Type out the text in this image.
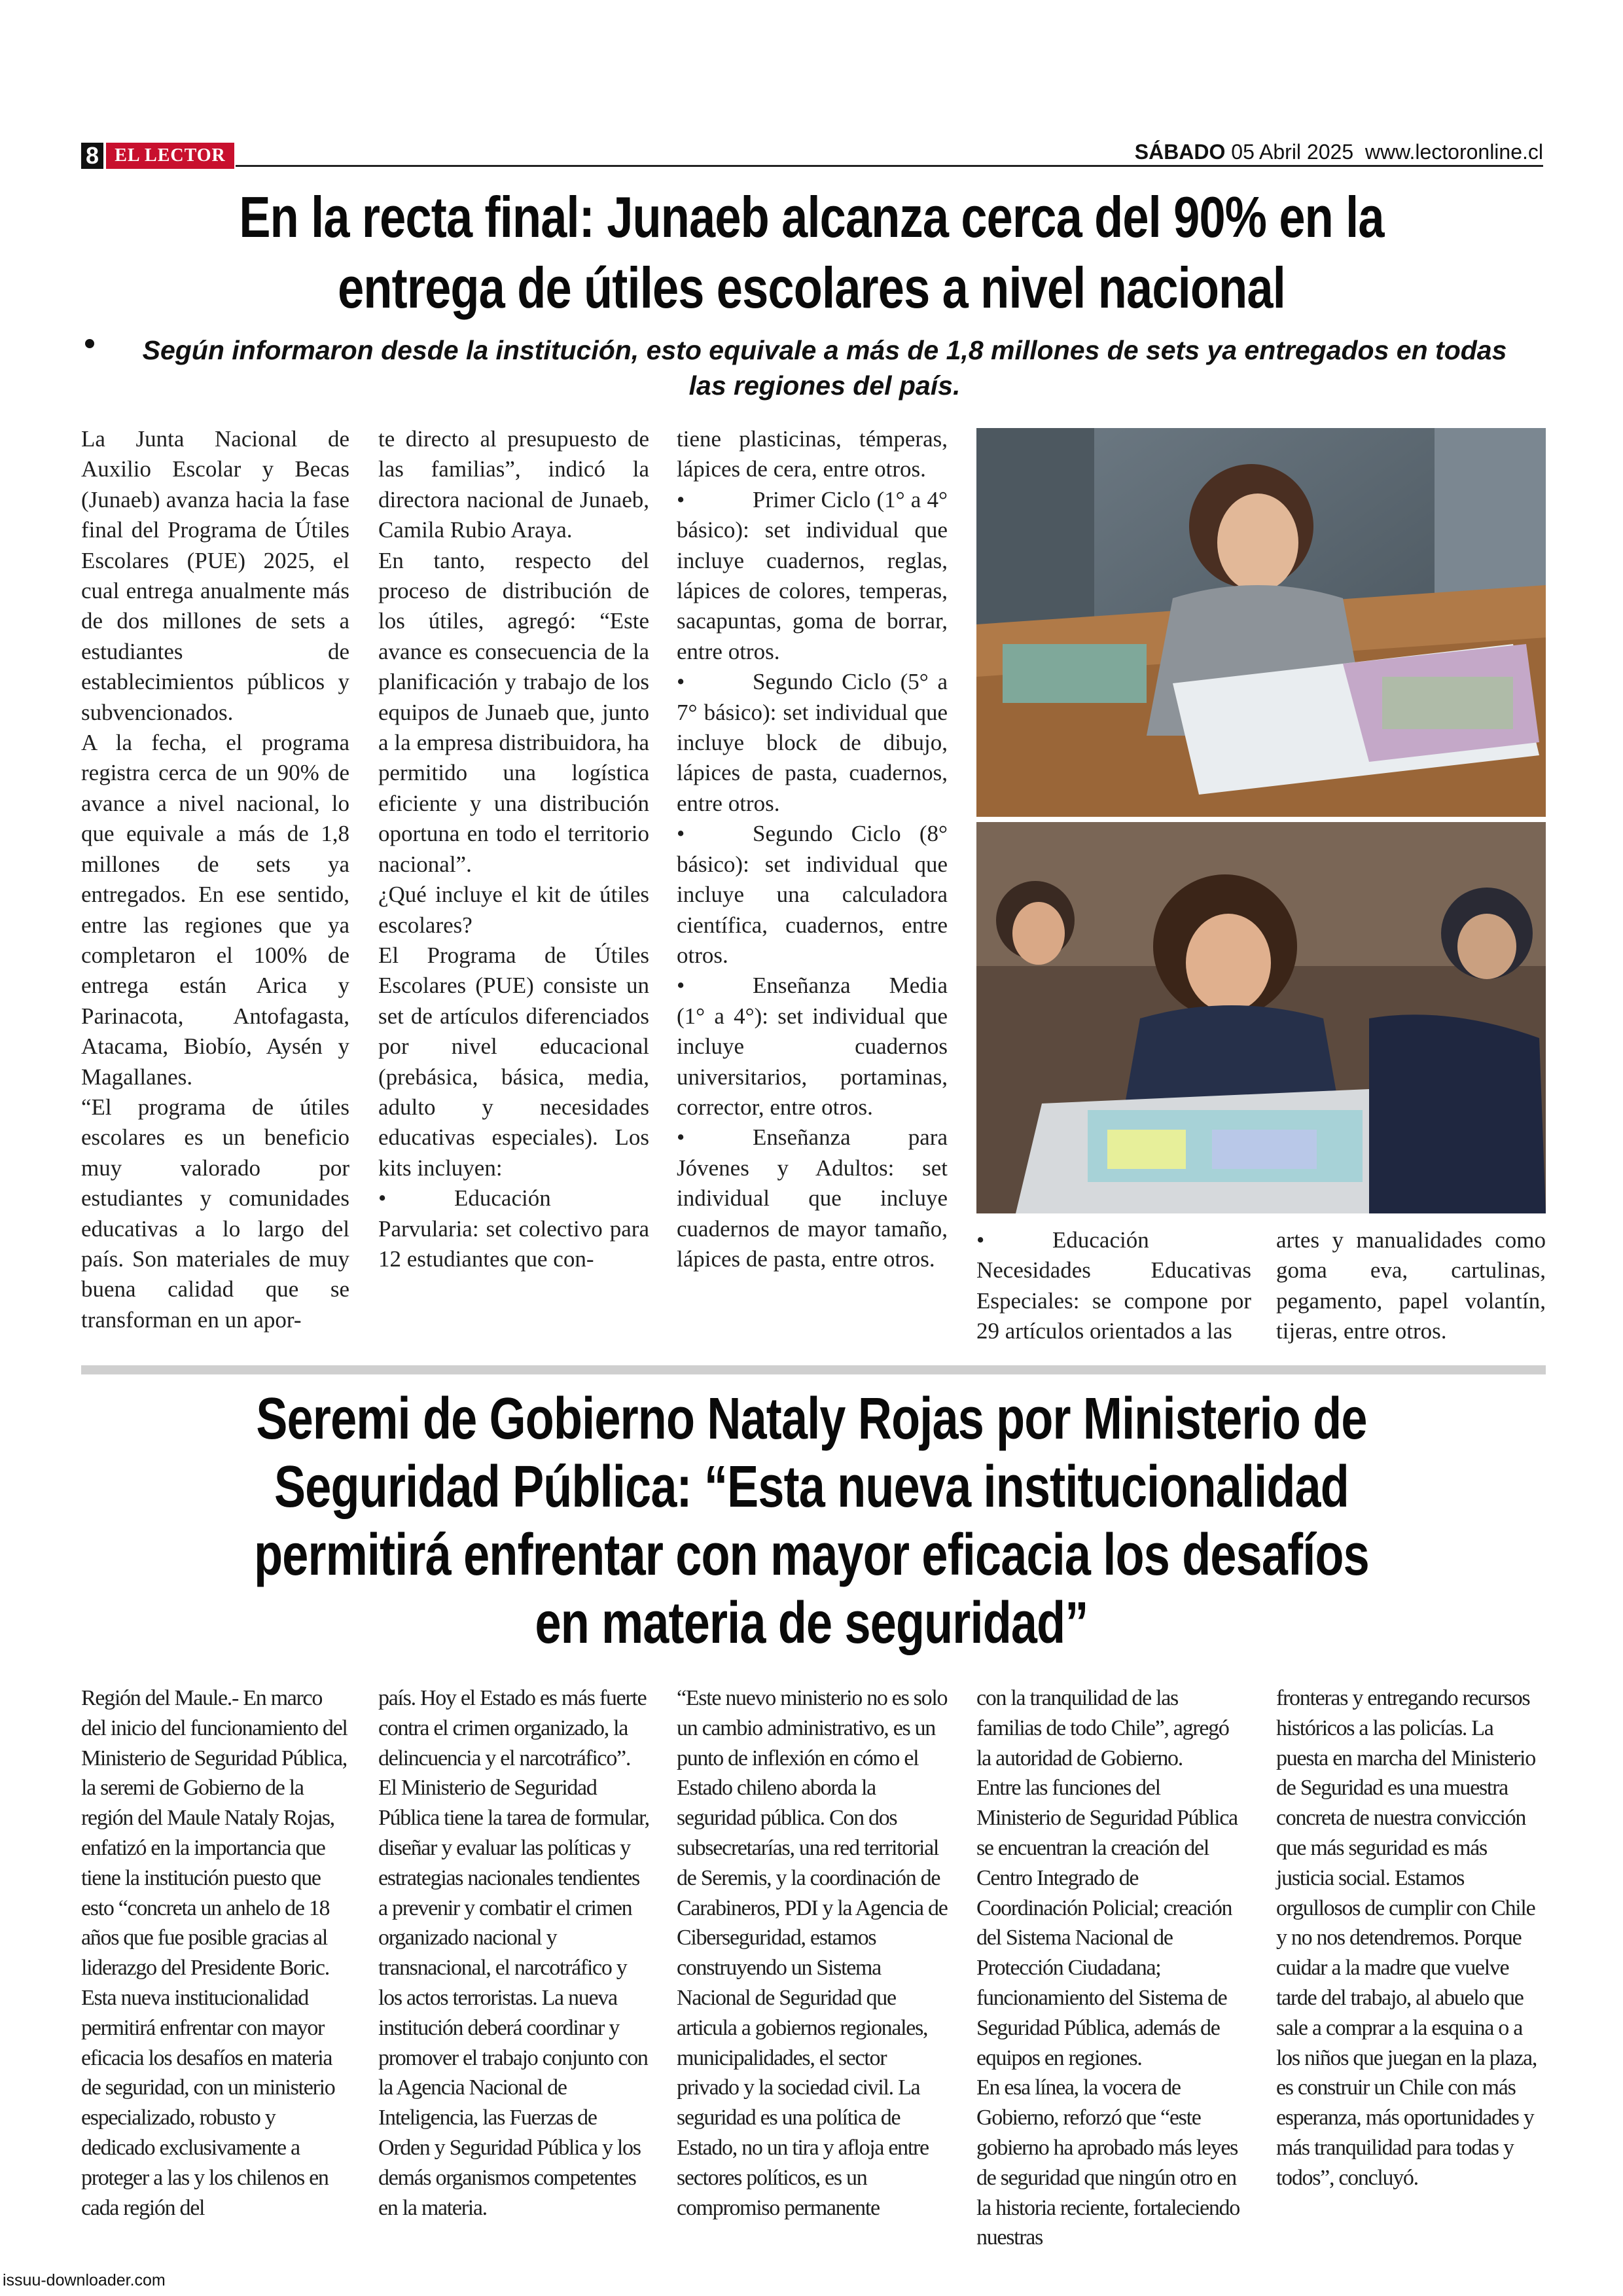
8 EL LECTOR	SÁBADO 05 Abril 2025  www.lectoronline.cl
En la recta final: Junaeb alcanza cerca del 90% en la entrega de útiles escolares a nivel nacional
Según informaron desde la institución, esto equivale a más de 1,8 millones de sets ya entregados en todas las regiones del país.

La Junta Nacional de Auxilio Escolar y Becas (Junaeb) avanza hacia la fase final del Programa de Útiles Escolares (PUE) 2025, el cual entrega anualmente más de dos millones de sets a estudiantes de establecimientos públicos y subvencionados.

A la fecha, el programa registra cerca de un 90% de avance a nivel nacional, lo que equivale a más de 1,8 millones de sets ya entregados. En ese sentido, entre las regiones que ya completaron el 100% de entrega están Arica y Parinacota, Antofagasta, Atacama, Biobío, Aysén y Magallanes.

“El programa de útiles escolares es un beneficio muy valorado por estudiantes y comunidades educativas a lo largo del país. Son materiales de muy buena calidad que se transforman en un apor-

te directo al presupuesto de las familias”, indicó la directora nacional de Junaeb, Camila Rubio Araya.

En tanto, respecto del proceso de distribución de los útiles, agregó: “Este avance es consecuencia de la planificación y trabajo de los equipos de Junaeb que, junto a la empresa distribuidora, ha permitido una logística eficiente y una distribución oportuna en todo el territorio nacional”.

¿Qué incluye el kit de útiles escolares?

El Programa de Útiles Escolares (PUE) consiste un set de artículos diferenciados por nivel educacional (prebásica, básica, media, adulto y necesidades educativas especiales). Los kits incluyen:

• Educación Parvularia: set colectivo para 12 estudiantes que con-

tiene plasticinas, témperas, lápices de cera, entre otros.

• Primer Ciclo (1° a 4° básico): set individual que incluye cuadernos, reglas, lápices de colores, temperas, sacapuntas, goma de borrar, entre otros.

• Segundo Ciclo (5° a 7° básico): set individual que incluye block de dibujo, lápices de pasta, cuadernos, entre otros.

• Segundo Ciclo (8° básico): set individual que incluye una calculadora científica, cuadernos, entre otros.

• Enseñanza Media (1° a 4°): set individual que incluye cuadernos universitarios, portaminas, corrector, entre otros.

• Enseñanza para Jóvenes y Adultos: set individual que incluye cuadernos de mayor tamaño, lápices de pasta, entre otros.

• Educación Necesidades Educativas Especiales: se compone por 29 artículos orientados a las

artes y manualidades como goma eva, cartulinas, pegamento, papel volantín, tijeras, entre otros.

Seremi de Gobierno Nataly Rojas por Ministerio de Seguridad Pública: “Esta nueva institucionalidad permitirá enfrentar con mayor eficacia los desafíos en materia de seguridad”

Región del Maule.- En marco del inicio del funcionamiento del Ministerio de Seguridad Pública, la seremi de Gobierno de la región del Maule Nataly Rojas, enfatizó en la importancia que tiene la institución puesto que esto “concreta un anhelo de 18 años que fue posible gracias al liderazgo del Presidente Boric. Esta nueva institucionalidad permitirá enfrentar con mayor eficacia los desafíos en materia de seguridad, con un ministerio especializado, robusto y dedicado exclusivamente a proteger a las y los chilenos en cada región del

país. Hoy el Estado es más fuerte contra el crimen organizado, la delincuencia y el narcotráfico”.

El Ministerio de Seguridad Pública tiene la tarea de formular, diseñar y evaluar las políticas y estrategias nacionales tendientes a prevenir y combatir el crimen organizado nacional y transnacional, el narcotráfico y los actos terroristas. La nueva institución deberá coordinar y promover el trabajo conjunto con la Agencia Nacional de Inteligencia, las Fuerzas de Orden y Seguridad Pública y los demás organismos competentes en la materia.

“Este nuevo ministerio no es solo un cambio administrativo, es un punto de inflexión en cómo el Estado chileno aborda la seguridad pública. Con dos subsecretarías, una red territorial de Seremis, y la coordinación de Carabineros, PDI y la Agencia de Ciberseguridad, estamos construyendo un Sistema Nacional de Seguridad que articula a gobiernos regionales, municipalidades, el sector privado y la sociedad civil. La seguridad es una política de Estado, no un tira y afloja entre sectores políticos, es un compromiso permanente

con la tranquilidad de las familias de todo Chile”, agregó la autoridad de Gobierno.

Entre las funciones del Ministerio de Seguridad Pública se encuentran la creación del Centro Integrado de Coordinación Policial; creación del Sistema Nacional de Protección Ciudadana; funcionamiento del Sistema de Seguridad Pública, además de equipos en regiones.

En esa línea, la vocera de Gobierno, reforzó que “este gobierno ha aprobado más leyes de seguridad que ningún otro en la historia reciente, fortaleciendo nuestras

fronteras y entregando recursos históricos a las policías. La puesta en marcha del Ministerio de Seguridad es una muestra concreta de nuestra convicción que más seguridad es más justicia social. Estamos orgullosos de cumplir con Chile y no nos detendremos. Porque cuidar a la madre que vuelve tarde del trabajo, al abuelo que sale a comprar a la esquina o a los niños que juegan en la plaza, es construir un Chile con más esperanza, más oportunidades y más tranquilidad para todas y todos”, concluyó.

issuu-downloader.com
